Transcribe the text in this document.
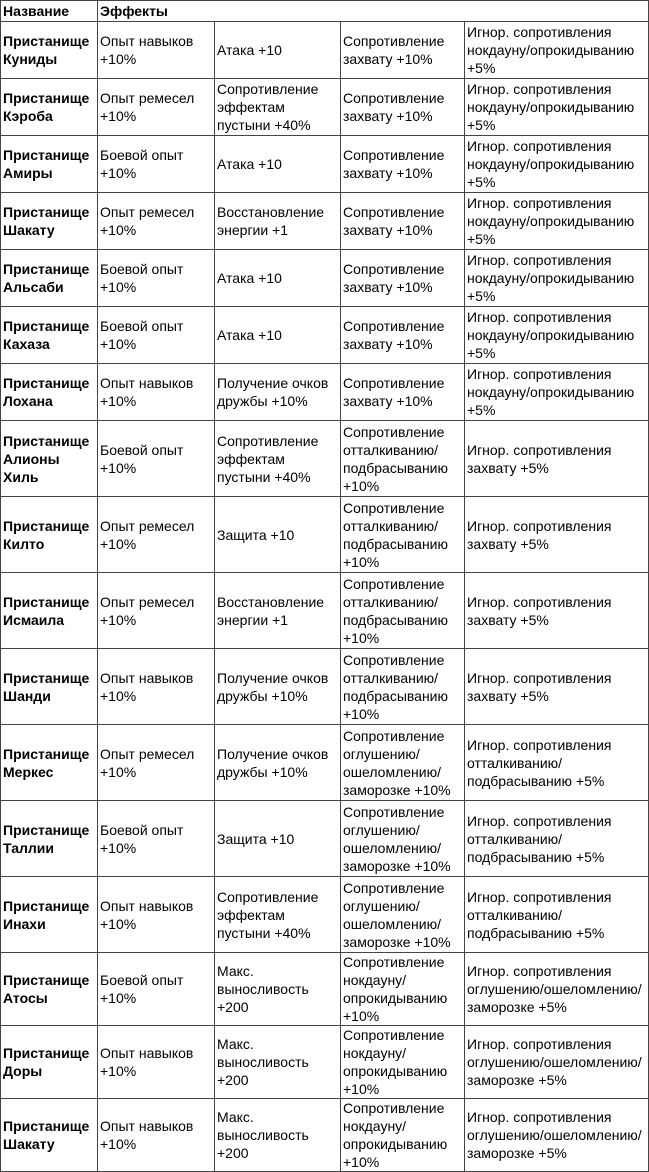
Название	Эффекты			
Пристанище Куниды	Опыт навыков +10%	Атака +10	Сопротивление захвату +10%	Игнор. сопротивления нокдауну/опрокидыванию +5%
Пристанище Кэроба	Опыт ремесел +10%	Сопротивление эффектам пустыни +40%	Сопротивление захвату +10%	Игнор. сопротивления нокдауну/опрокидыванию +5%
Пристанище Амиры	Боевой опыт +10%	Атака +10	Сопротивление захвату +10%	Игнор. сопротивления нокдауну/опрокидыванию +5%
Пристанище Шакату	Опыт ремесел +10%	Восстановление энергии +1	Сопротивление захвату +10%	Игнор. сопротивления нокдауну/опрокидыванию +5%
Пристанище Альсаби	Боевой опыт +10%	Атака +10	Сопротивление захвату +10%	Игнор. сопротивления нокдауну/опрокидыванию +5%
Пристанище Кахаза	Боевой опыт +10%	Атака +10	Сопротивление захвату +10%	Игнор. сопротивления нокдауну/опрокидыванию +5%
Пристанище Лохана	Опыт навыков +10%	Получение очков дружбы +10%	Сопротивление захвату +10%	Игнор. сопротивления нокдауну/опрокидыванию +5%
Пристанище Алионы Хиль	Боевой опыт +10%	Сопротивление эффектам пустыни +40%	Сопротивление отталкиванию/подбрасыванию +10%	Игнор. сопротивления захвату +5%
Пристанище Килто	Опыт ремесел +10%	Защита +10	Сопротивление отталкиванию/подбрасыванию +10%	Игнор. сопротивления захвату +5%
Пристанище Исмаила	Опыт ремесел +10%	Восстановление энергии +1	Сопротивление отталкиванию/подбрасыванию +10%	Игнор. сопротивления захвату +5%
Пристанище Шанди	Опыт навыков +10%	Получение очков дружбы +10%	Сопротивление отталкиванию/подбрасыванию +10%	Игнор. сопротивления захвату +5%
Пристанище Меркес	Опыт ремесел +10%	Получение очков дружбы +10%	Сопротивление оглушению/ошеломлению/заморозке +10%	Игнор. сопротивления отталкиванию/подбрасыванию +5%
Пристанище Таллии	Боевой опыт +10%	Защита +10	Сопротивление оглушению/ошеломлению/заморозке +10%	Игнор. сопротивления отталкиванию/подбрасыванию +5%
Пристанище Инахи	Опыт навыков +10%	Сопротивление эффектам пустыни +40%	Сопротивление оглушению/ошеломлению/заморозке +10%	Игнор. сопротивления отталкиванию/подбрасыванию +5%
Пристанище Атосы	Боевой опыт +10%	Макс. выносливость +200	Сопротивление нокдауну/опрокидыванию +10%	Игнор. сопротивления оглушению/ошеломлению/заморозке +5%
Пристанище Доры	Опыт навыков +10%	Макс. выносливость +200	Сопротивление нокдауну/опрокидыванию +10%	Игнор. сопротивления оглушению/ошеломлению/заморозке +5%
Пристанище Шакату	Опыт навыков +10%	Макс. выносливость +200	Сопротивление нокдауну/опрокидыванию +10%	Игнор. сопротивления оглушению/ошеломлению/заморозке +5%
